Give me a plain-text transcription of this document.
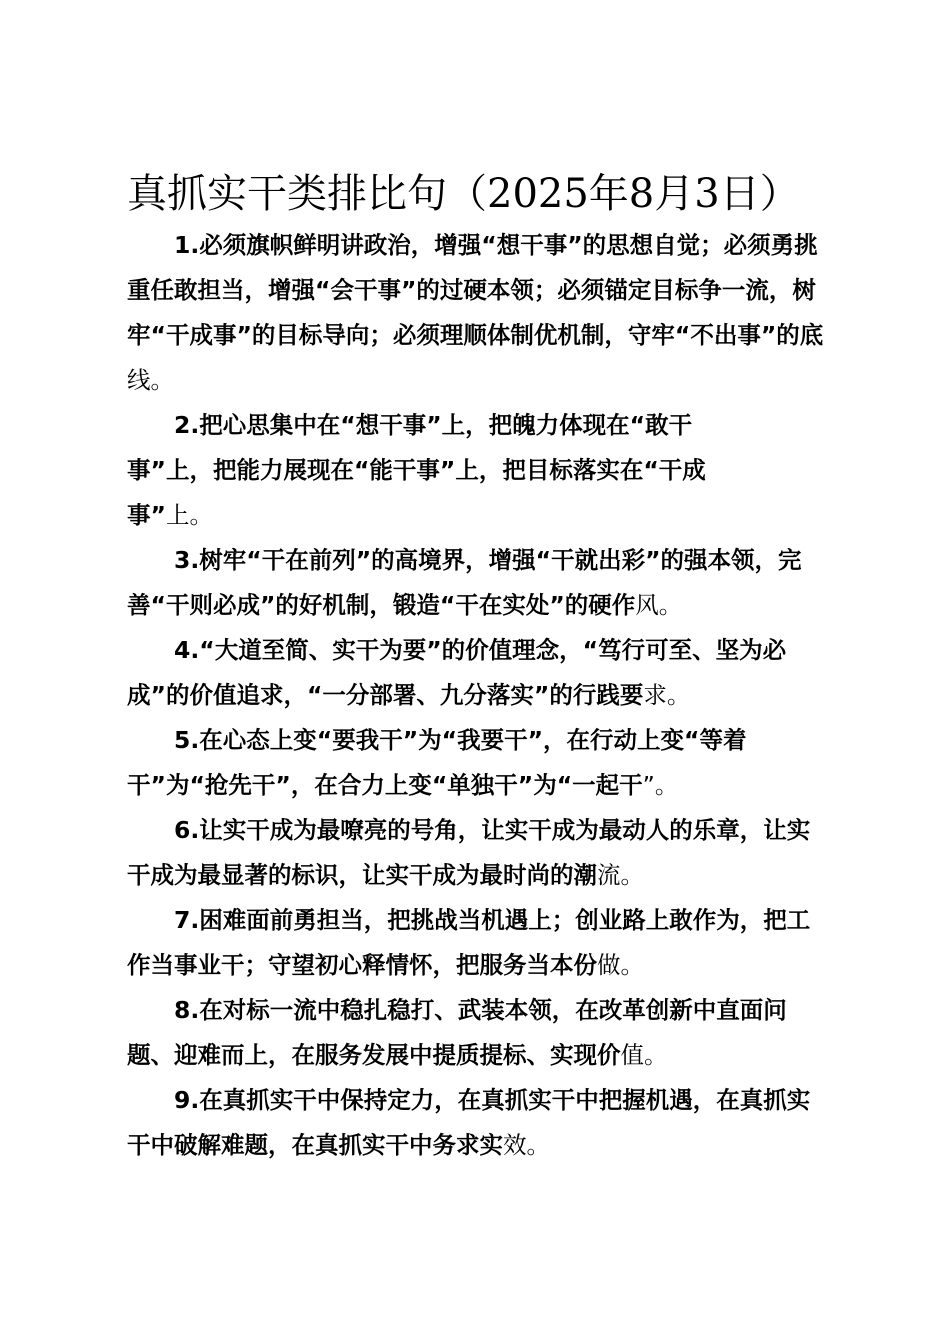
真抓实干类排比句（2025年8月3日）

1.必须旗帜鲜明讲政治，增强“想干事”的思想自觉；必须勇挑重任敢担当，增强“会干事”的过硬本领；必须锚定目标争一流，树牢“干成事”的目标导向；必须理顺体制优机制，守牢“不出事”的底线。

2.把心思集中在“想干事”上，把魄力体现在“敢干事”上，把能力展现在“能干事”上，把目标落实在“干成事”上。

3.树牢“干在前列”的高境界，增强“干就出彩”的强本领，完善“干则必成”的好机制，锻造“干在实处”的硬作风。

4.“大道至简、实干为要”的价值理念，“笃行可至、坚为必成”的价值追求，“一分部署、九分落实”的行践要求。

5.在心态上变“要我干”为“我要干”，在行动上变“等着干”为“抢先干”，在合力上变“单独干”为“一起干”。

6.让实干成为最嘹亮的号角，让实干成为最动人的乐章，让实干成为最显著的标识，让实干成为最时尚的潮流。

7.困难面前勇担当，把挑战当机遇上；创业路上敢作为，把工作当事业干；守望初心释情怀，把服务当本份做。

8.在对标一流中稳扎稳打、武装本领，在改革创新中直面问题、迎难而上，在服务发展中提质提标、实现价值。

9.在真抓实干中保持定力，在真抓实干中把握机遇，在真抓实干中破解难题，在真抓实干中务求实效。
